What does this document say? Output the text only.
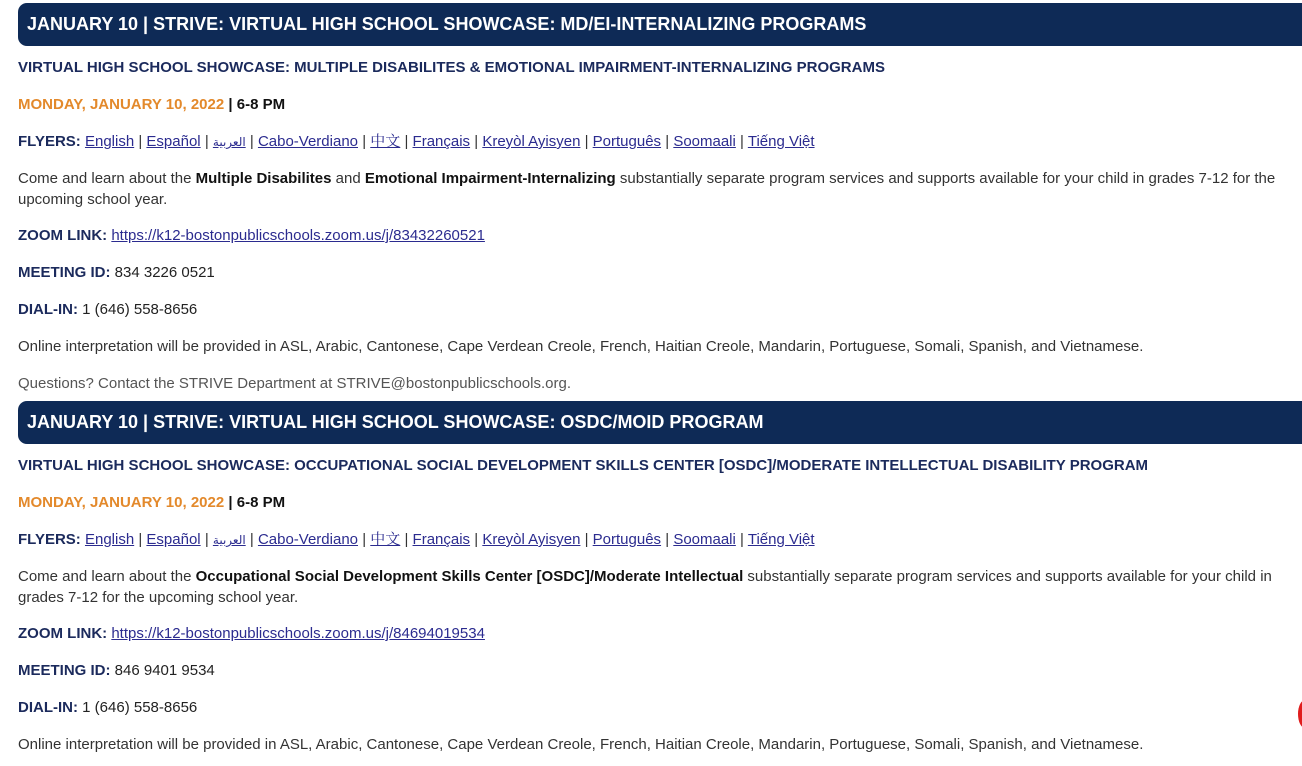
JANUARY 10 | STRIVE: VIRTUAL HIGH SCHOOL SHOWCASE: MD/EI-INTERNALIZING PROGRAMS
VIRTUAL HIGH SCHOOL SHOWCASE: MULTIPLE DISABILITES & EMOTIONAL IMPAIRMENT-INTERNALIZING PROGRAMS
MONDAY, JANUARY 10, 2022 | 6-8 PM
FLYERS: English | Español | العربية | Cabo-Verdiano | 中文 | Français | Kreyòl Ayisyen | Português | Soomaali | Tiếng Việt
Come and learn about the Multiple Disabilites and Emotional Impairment-Internalizing substantially separate program services and supports available for your child in grades 7-12 for the upcoming school year.
ZOOM LINK: https://k12-bostonpublicschools.zoom.us/j/83432260521
MEETING ID: 834 3226 0521
DIAL-IN: 1 (646) 558-8656
Online interpretation will be provided in ASL, Arabic, Cantonese, Cape Verdean Creole, French, Haitian Creole, Mandarin, Portuguese, Somali, Spanish, and Vietnamese.
Questions? Contact the STRIVE Department at STRIVE@bostonpublicschools.org.
JANUARY 10 | STRIVE: VIRTUAL HIGH SCHOOL SHOWCASE: OSDC/MOID PROGRAM
VIRTUAL HIGH SCHOOL SHOWCASE: OCCUPATIONAL SOCIAL DEVELOPMENT SKILLS CENTER [OSDC]/MODERATE INTELLECTUAL DISABILITY PROGRAM
MONDAY, JANUARY 10, 2022 | 6-8 PM
FLYERS: English | Español | العربية | Cabo-Verdiano | 中文 | Français | Kreyòl Ayisyen | Português | Soomaali | Tiếng Việt
Come and learn about the Occupational Social Development Skills Center [OSDC]/Moderate Intellectual substantially separate program services and supports available for your child in grades 7-12 for the upcoming school year.
ZOOM LINK: https://k12-bostonpublicschools.zoom.us/j/84694019534
MEETING ID: 846 9401 9534
DIAL-IN: 1 (646) 558-8656
Online interpretation will be provided in ASL, Arabic, Cantonese, Cape Verdean Creole, French, Haitian Creole, Mandarin, Portuguese, Somali, Spanish, and Vietnamese.
